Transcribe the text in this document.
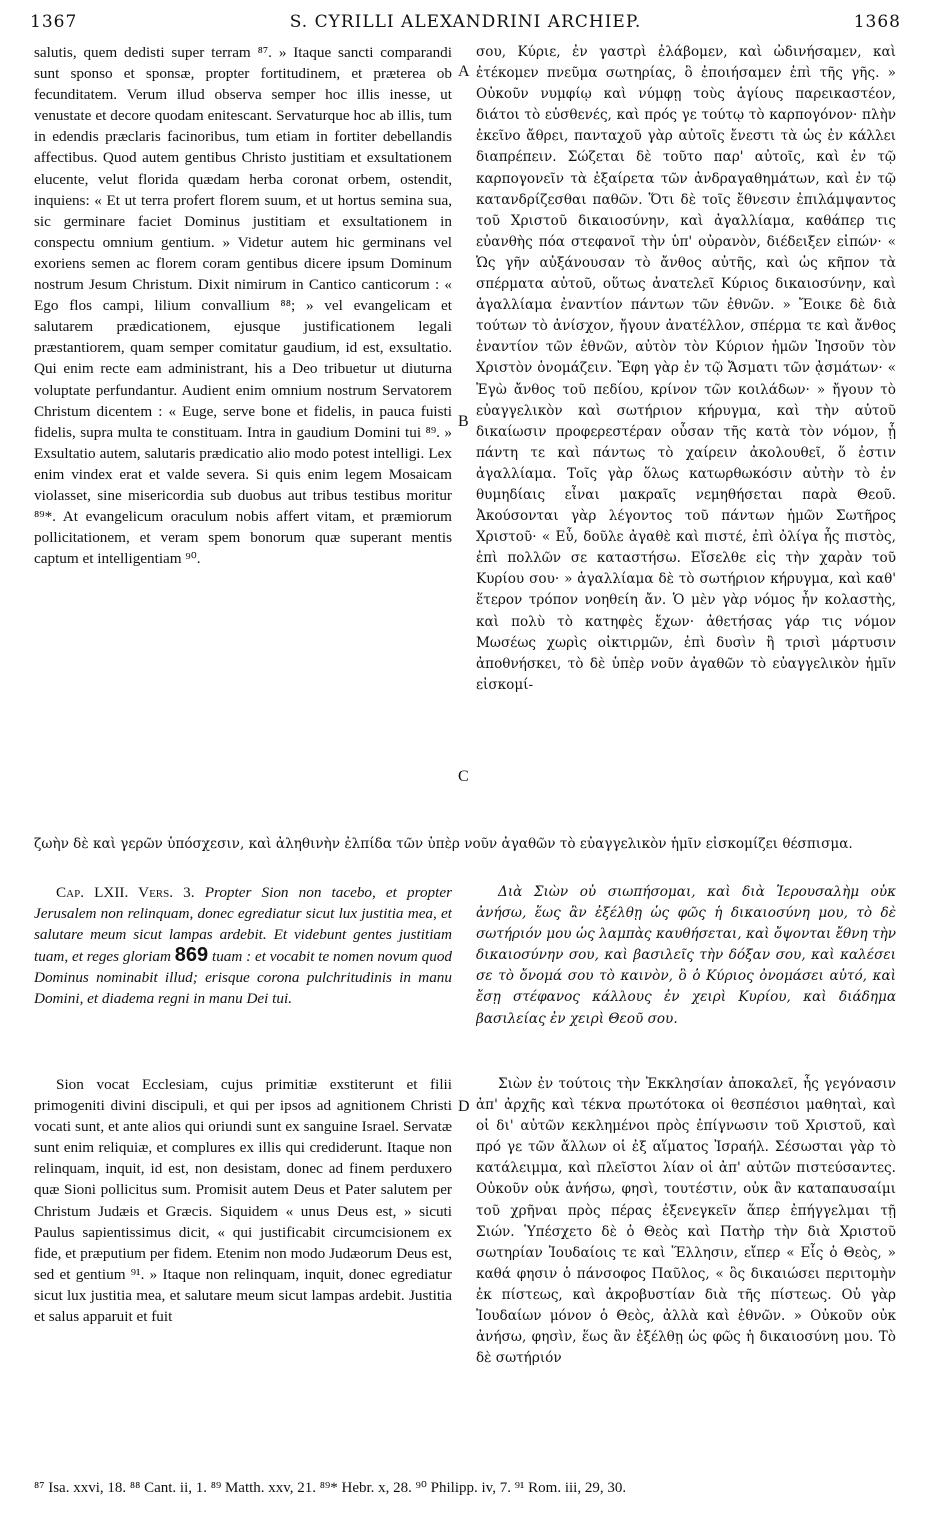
1367	S. CYRILLI ALEXANDRINI ARCHIEP.	1368

salutis, quem dedisti super terram ⁸⁷. » Itaque sancti comparandi sunt sponso et sponsæ, propter fortitudinem, et præterea ob fecunditatem. Verum illud observa semper hoc illis inesse, ut venustate et decore quodam enitescant. Servaturque hoc ab illis, tum in edendis præclaris facinoribus, tum etiam in fortiter debellandis affectibus. Quod autem gentibus Christo justitiam et exsultationem elucente, velut florida quædam herba coronat orbem, ostendit, inquiens: « Et ut terra profert florem suum, et ut hortus semina sua, sic germinare faciet Dominus justitiam et exsultationem in conspectu omnium gentium. » Videtur autem hic germinans vel exoriens semen ac florem coram gentibus dicere ipsum Dominum nostrum Jesum Christum. Dixit nimirum in Cantico canticorum : « Ego flos campi, lilium convallium ⁸⁸; » vel evangelicam et salutarem prædicationem, ejusque justificationem legali præstantiorem, quam semper comitatur gaudium, id est, exsultatio. Qui enim recte eam administrant, his a Deo tribuetur ut diuturna voluptate perfundantur. Audient enim omnium nostrum Servatorem Christum dicentem : « Euge, serve bone et fidelis, in pauca fuisti fidelis, supra multa te constituam. Intra in gaudium Domini tui ⁸⁹. » Exsultatio autem, salutaris prædicatio alio modo potest intelligi. Lex enim vindex erat et valde severa. Si quis enim legem Mosaicam violasset, sine misericordia sub duobus aut tribus testibus moritur ⁸⁹*. At evangelicum oraculum nobis affert vitam, et præmiorum pollicitationem, et veram spem bonorum quæ superant mentis captum et intelligentiam ⁹⁰.

A
B
C
D

σου, Κύριε, ἐν γαστρὶ ἐλάβομεν, καὶ ὠδινήσαμεν, καὶ ἐτέκομεν πνεῦμα σωτηρίας, ὃ ἐποιήσαμεν ἐπὶ τῆς γῆς. » Οὐκοῦν νυμφίῳ καὶ νύμφῃ τοὺς ἁγίους παρεικαστέον, διάτοι τὸ εὐσθενές, καὶ πρός γε τούτῳ τὸ καρπογόνον· πλὴν ἐκεῖνο ἄθρει, πανταχοῦ γὰρ αὐτοῖς ἔνεστι τὰ ὡς ἐν κάλλει διαπρέπειν. Σώζεται δὲ τοῦτο παρ' αὐτοῖς, καὶ ἐν τῷ καρπογονεῖν τὰ ἐξαίρετα τῶν ἀνδραγαθημάτων, καὶ ἐν τῷ κατανδρίζεσθαι παθῶν. Ὅτι δὲ τοῖς ἔθνεσιν ἐπιλάμψαντος τοῦ Χριστοῦ δικαιοσύνην, καὶ ἀγαλλίαμα, καθάπερ τις εὐανθὴς πόα στεφανοῖ τὴν ὑπ' οὐρανὸν, διέδειξεν εἰπών· « Ὡς γῆν αὐξάνουσαν τὸ ἄνθος αὐτῆς, καὶ ὡς κῆπον τὰ σπέρματα αὐτοῦ, οὕτως ἀνατελεῖ Κύριος δικαιοσύνην, καὶ ἀγαλλίαμα ἐναντίον πάντων τῶν ἐθνῶν. » Ἔοικε δὲ διὰ τούτων τὸ ἀνίσχον, ἤγουν ἀνατέλλον, σπέρμα τε καὶ ἄνθος ἐναντίον τῶν ἐθνῶν, αὐτὸν τὸν Κύριον ἡμῶν Ἰησοῦν τὸν Χριστὸν ὀνομάζειν. Ἔφη γὰρ ἐν τῷ Ἄσματι τῶν ᾀσμάτων· « Ἐγὼ ἄνθος τοῦ πεδίου, κρίνον τῶν κοιλάδων· » ἤγουν τὸ εὐαγγελικὸν καὶ σωτήριον κήρυγμα, καὶ τὴν αὐτοῦ δικαίωσιν προφερεστέραν οὖσαν τῆς κατὰ τὸν νόμον, ᾗ πάντη τε καὶ πάντως τὸ χαίρειν ἀκολουθεῖ, ὅ ἐστιν ἀγαλλίαμα. Τοῖς γὰρ ὅλως κατωρθωκόσιν αὐτὴν τὸ ἐν θυμηδίαις εἶναι μακραῖς νεμηθήσεται παρὰ Θεοῦ. Ἀκούσονται γὰρ λέγοντος τοῦ πάντων ἡμῶν Σωτῆρος Χριστοῦ· « Εὖ, δοῦλε ἀγαθὲ καὶ πιστέ, ἐπὶ ὀλίγα ἧς πιστὸς, ἐπὶ πολλῶν σε καταστήσω. Εἴσελθε εἰς τὴν χαρὰν τοῦ Κυρίου σου· » ἀγαλλίαμα δὲ τὸ σωτήριον κήρυγμα, καὶ καθ' ἕτερον τρόπον νοηθείη ἄν. Ὁ μὲν γὰρ νόμος ἦν κολαστὴς, καὶ πολὺ τὸ κατηφὲς ἔχων· ἀθετήσας γάρ τις νόμον Μωσέως χωρὶς οἰκτιρμῶν, ἐπὶ δυσὶν ἢ τρισὶ μάρτυσιν ἀποθνήσκει, τὸ δὲ ὑπὲρ νοῦν ἀγαθῶν τὸ εὐαγγελικὸν ἡμῖν εἰσκομί-

ζωὴν δὲ καὶ γερῶν ὑπόσχεσιν, καὶ ἀληθινὴν ἐλπίδα τῶν ὑπὲρ νοῦν ἀγαθῶν τὸ εὐαγγελικὸν ἡμῖν εἰσκομίζει θέσπισμα.

Cap. LXII. Vers. 3. Propter Sion non tacebo, et propter Jerusalem non relinquam, donec egrediatur sicut lux justitia mea, et salutare meum sicut lampas ardebit. Et videbunt gentes justitiam tuam, et reges gloriam 869 tuam : et vocabit te nomen novum quod Dominus nominabit illud; erisque corona pulchritudinis in manu Domini, et diadema regni in manu Dei tui.

Διὰ Σιὼν οὐ σιωπήσομαι, καὶ διὰ Ἱερουσαλὴμ οὐκ ἀνήσω, ἕως ἂν ἐξέλθῃ ὡς φῶς ἡ δικαιοσύνη μου, τὸ δὲ σωτήριόν μου ὡς λαμπὰς καυθήσεται, καὶ ὄψονται ἔθνη τὴν δικαιοσύνην σου, καὶ βασιλεῖς τὴν δόξαν σου, καὶ καλέσει σε τὸ ὄνομά σου τὸ καινὸν, ὃ ὁ Κύριος ὀνομάσει αὐτό, καὶ ἔσῃ στέφανος κάλλους ἐν χειρὶ Κυρίου, καὶ διάδημα βασιλείας ἐν χειρὶ Θεοῦ σου.

Sion vocat Ecclesiam, cujus primitiæ exstiterunt et filii primogeniti divini discipuli, et qui per ipsos ad agnitionem Christi vocati sunt, et ante alios qui oriundi sunt ex sanguine Israel. Servatæ sunt enim reliquiæ, et complures ex illis qui crediderunt. Itaque non relinquam, inquit, id est, non desistam, donec ad finem perduxero quæ Sioni pollicitus sum. Promisit autem Deus et Pater salutem per Christum Judæis et Græcis. Siquidem « unus Deus est, » sicuti Paulus sapientissimus dicit, « qui justificabit circumcisionem ex fide, et præputium per fidem. Etenim non modo Judæorum Deus est, sed et gentium ⁹¹. » Itaque non relinquam, inquit, donec egrediatur sicut lux justitia mea, et salutare meum sicut lampas ardebit. Justitia et salus apparuit et fuit

Σιὼν ἐν τούτοις τὴν Ἐκκλησίαν ἀποκαλεῖ, ἧς γεγόνασιν ἀπ' ἀρχῆς καὶ τέκνα πρωτότοκα οἱ θεσπέσιοι μαθηταὶ, καὶ οἱ δι' αὐτῶν κεκλημένοι πρὸς ἐπίγνωσιν τοῦ Χριστοῦ, καὶ πρό γε τῶν ἄλλων οἱ ἐξ αἵματος Ἰσραήλ. Σέσωσται γὰρ τὸ κατάλειμμα, καὶ πλεῖστοι λίαν οἱ ἀπ' αὐτῶν πιστεύσαντες. Οὐκοῦν οὐκ ἀνήσω, φησὶ, τουτέστιν, οὐκ ἂν καταπαυσαίμι τοῦ χρῆναι πρὸς πέρας ἐξενεγκεῖν ἅπερ ἐπήγγελμαι τῇ Σιών. Ὑπέσχετο δὲ ὁ Θεὸς καὶ Πατὴρ τὴν διὰ Χριστοῦ σωτηρίαν Ἰουδαίοις τε καὶ Ἕλλησιν, εἴπερ « Εἷς ὁ Θεὸς, » καθά φησιν ὁ πάνσοφος Παῦλος, « ὃς δικαιώσει περιτομὴν ἐκ πίστεως, καὶ ἀκροβυστίαν διὰ τῆς πίστεως. Οὐ γὰρ Ἰουδαίων μόνον ὁ Θεὸς, ἀλλὰ καὶ ἐθνῶν. » Οὐκοῦν οὐκ ἀνήσω, φησὶν, ἕως ἂν ἐξέλθῃ ὡς φῶς ἡ δικαιοσύνη μου. Τὸ δὲ σωτήριόν

⁸⁷ Isa. xxvi, 18. ⁸⁸ Cant. ii, 1. ⁸⁹ Matth. xxv, 21. ⁸⁹* Hebr. x, 28. ⁹⁰ Philipp. iv, 7. ⁹¹ Rom. iii, 29, 30.
